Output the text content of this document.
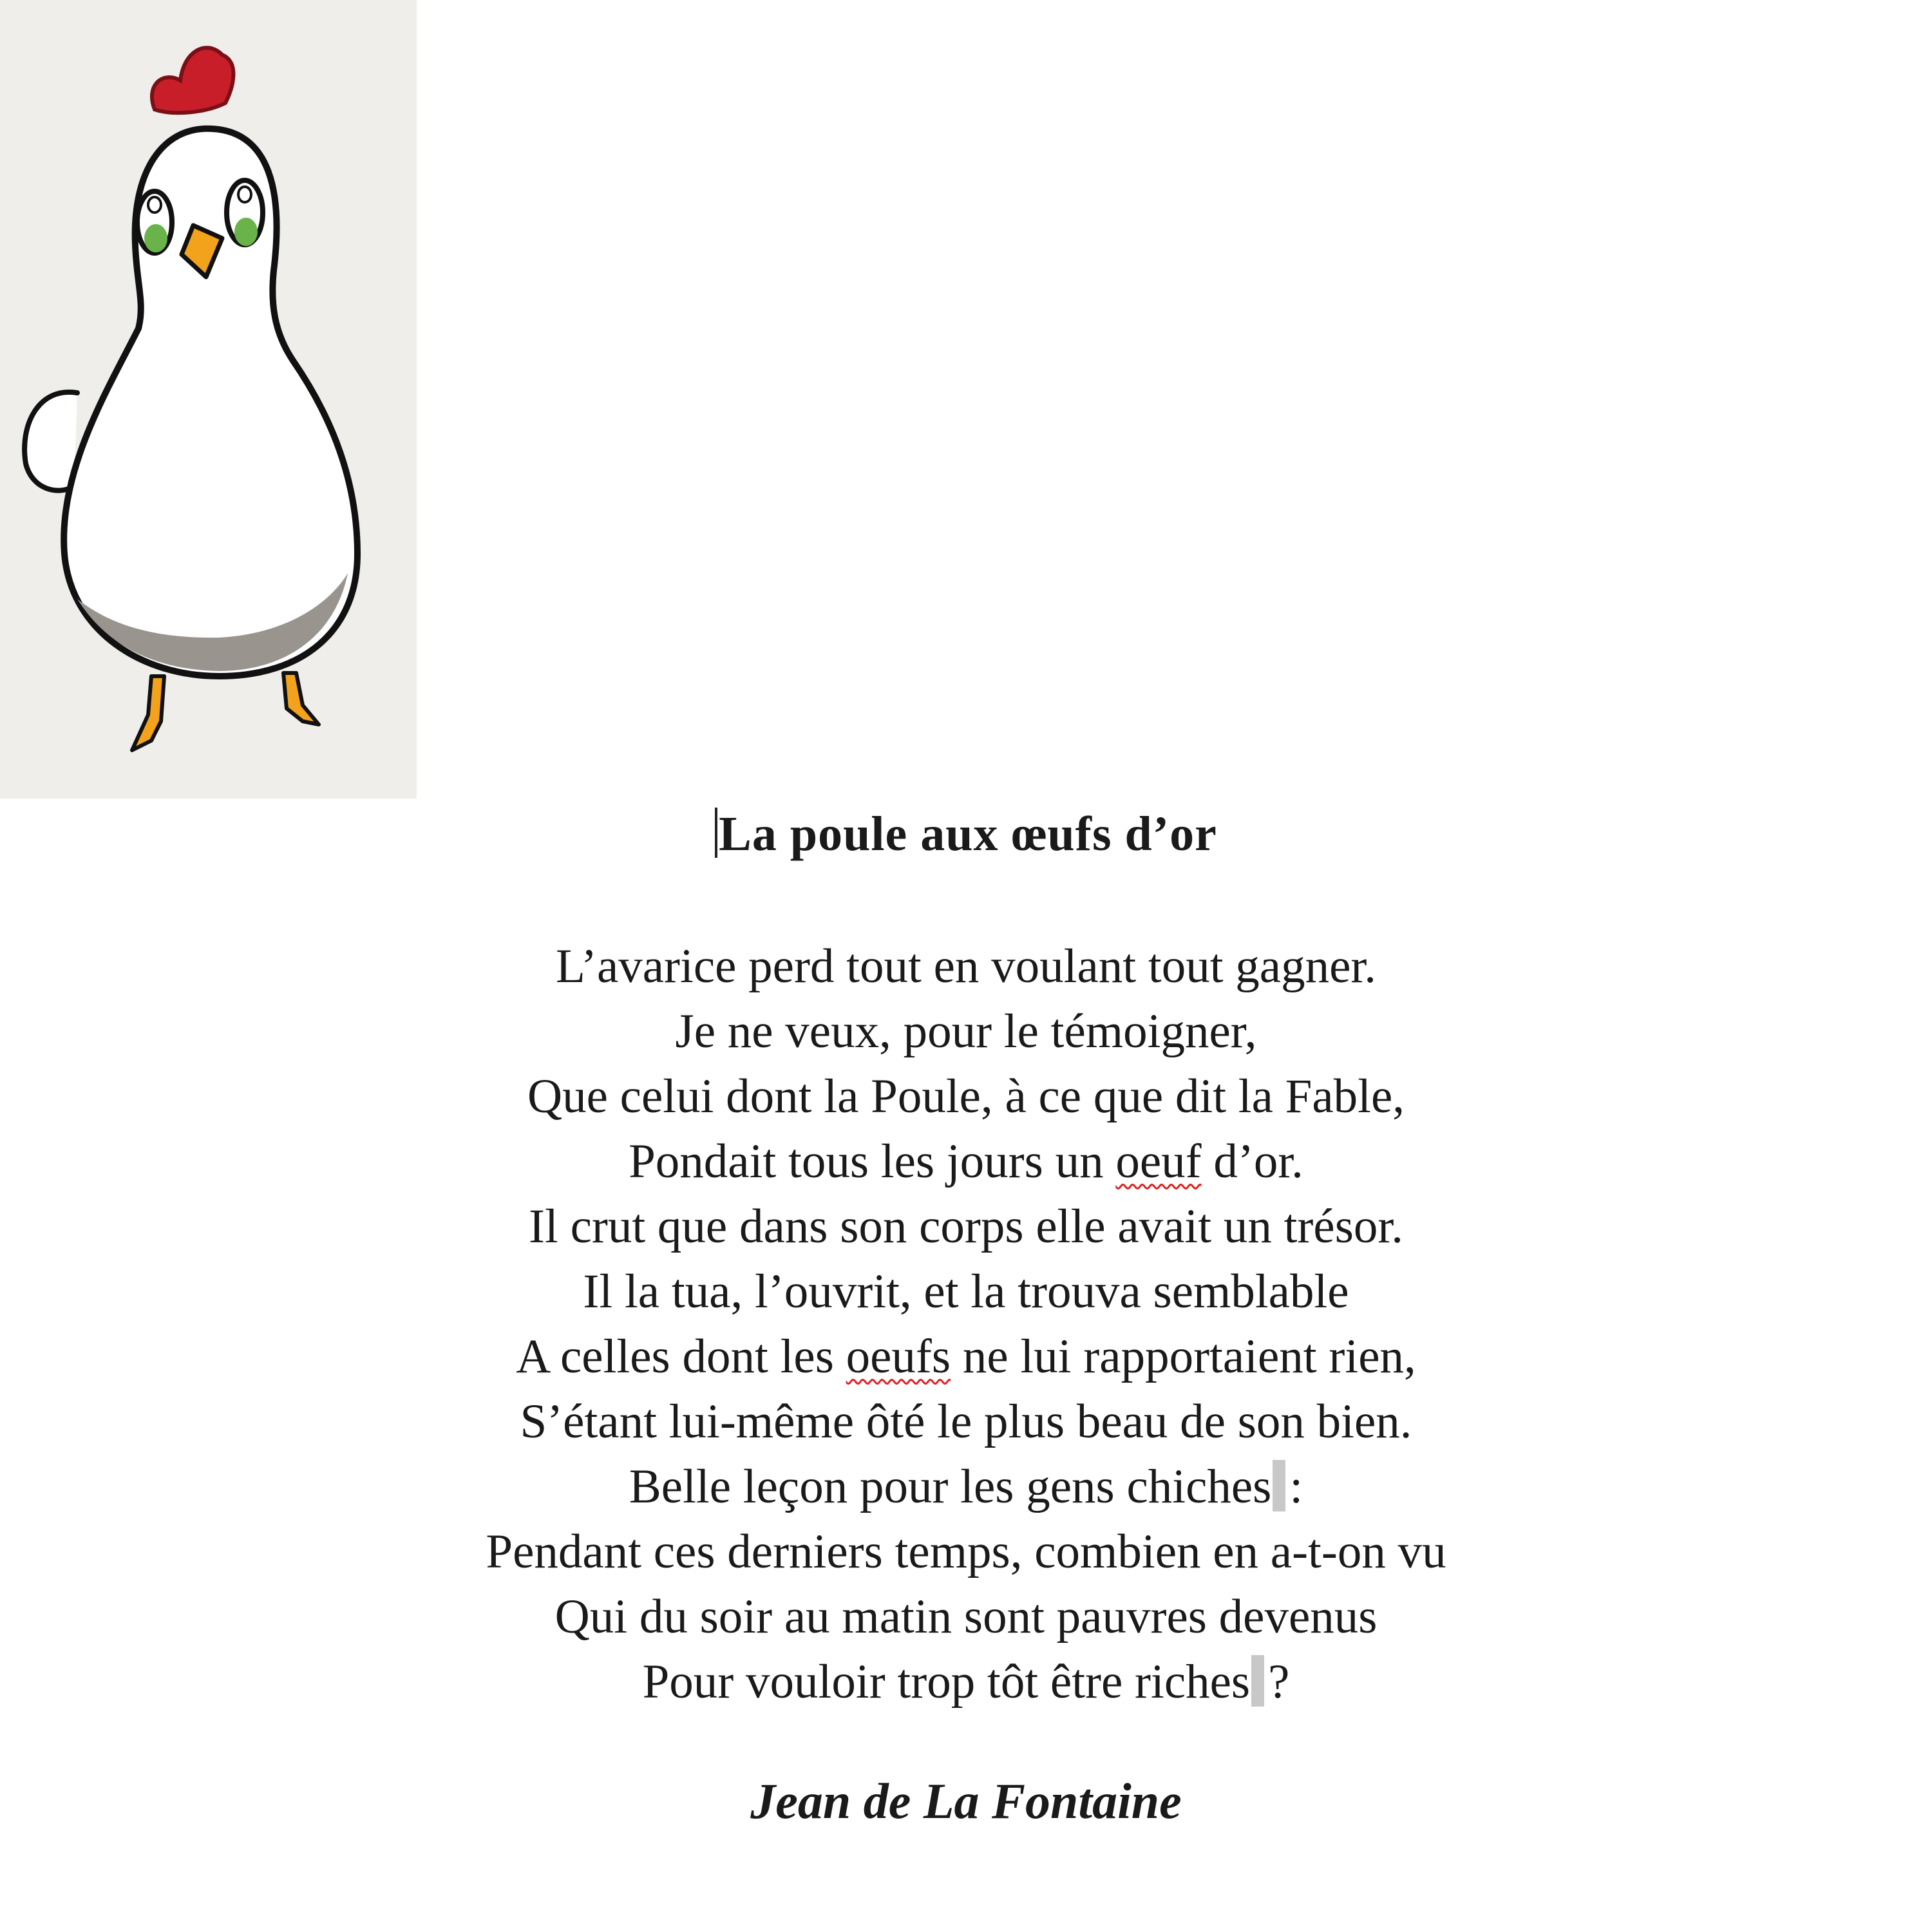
La poule aux œufs d’or
L’avarice perd tout en voulant tout gagner.
Je ne veux, pour le témoigner,
Que celui dont la Poule, à ce que dit la Fable,
Pondait tous les jours un oeuf d’or.
Il crut que dans son corps elle avait un trésor.
Il la tua, l’ouvrit, et la trouva semblable
A celles dont les oeufs ne lui rapportaient rien,
S’étant lui-même ôté le plus beau de son bien.
Belle leçon pour les gens chiches :
Pendant ces derniers temps, combien en a-t-on vu
Qui du soir au matin sont pauvres devenus
Pour vouloir trop tôt être riches ?
Jean de La Fontaine
